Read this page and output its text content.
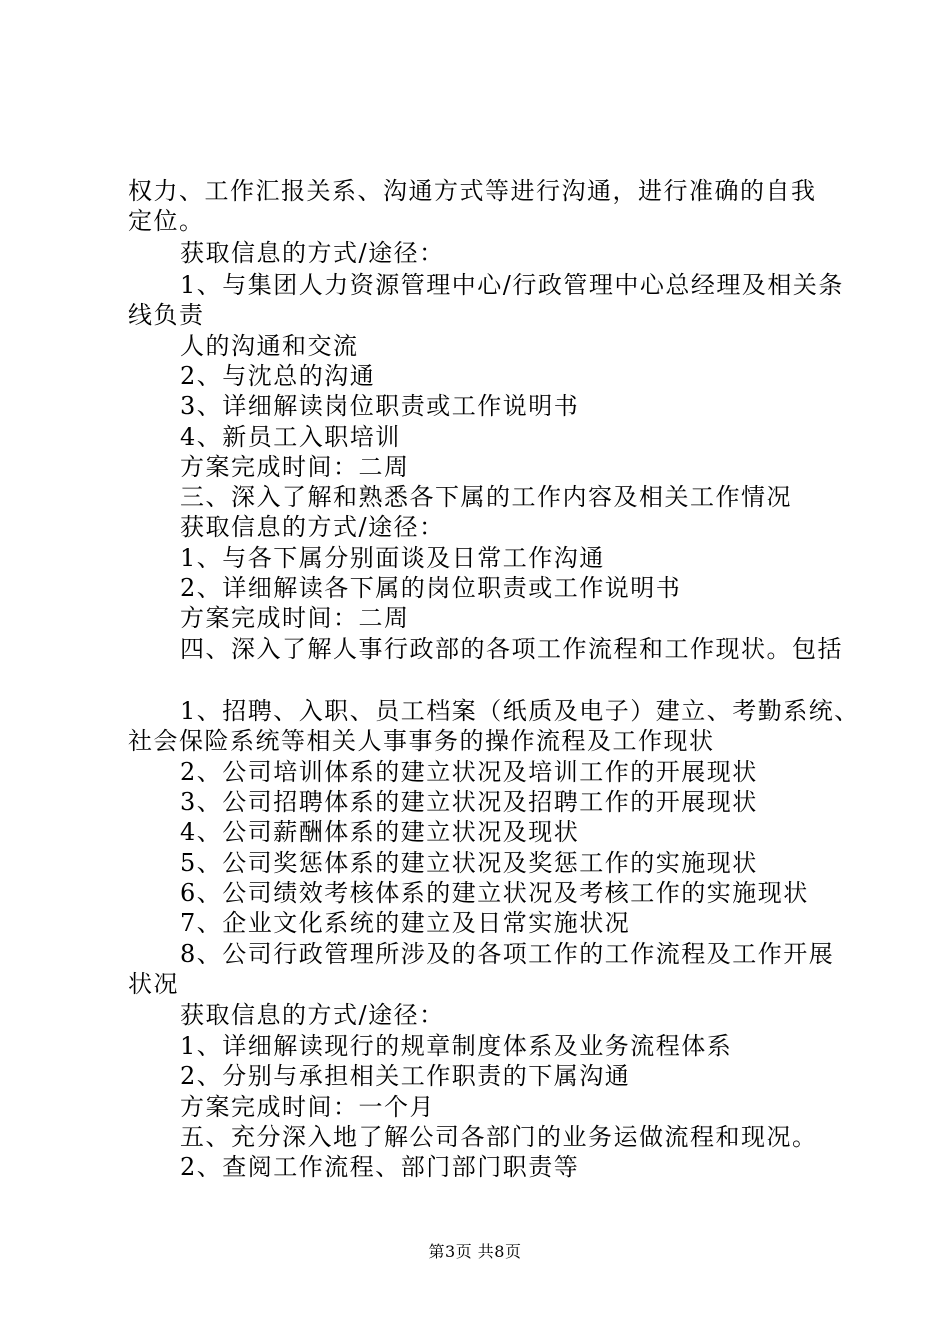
权力、工作汇报关系、沟通方式等进行沟通，进行准确的自我
定位。
获取信息的方式/途径：
1、与集团人力资源管理中心/行政管理中心总经理及相关条
线负责
人的沟通和交流
2、与沈总的沟通
3、详细解读岗位职责或工作说明书
4、新员工入职培训
方案完成时间：二周
三、深入了解和熟悉各下属的工作内容及相关工作情况
获取信息的方式/途径：
1、与各下属分别面谈及日常工作沟通
2、详细解读各下属的岗位职责或工作说明书
方案完成时间：二周
四、深入了解人事行政部的各项工作流程和工作现状。包括
1、招聘、入职、员工档案（纸质及电子）建立、考勤系统、
社会保险系统等相关人事事务的操作流程及工作现状
2、公司培训体系的建立状况及培训工作的开展现状
3、公司招聘体系的建立状况及招聘工作的开展现状
4、公司薪酬体系的建立状况及现状
5、公司奖惩体系的建立状况及奖惩工作的实施现状
6、公司绩效考核体系的建立状况及考核工作的实施现状
7、企业文化系统的建立及日常实施状况
8、公司行政管理所涉及的各项工作的工作流程及工作开展
状况
获取信息的方式/途径：
1、详细解读现行的规章制度体系及业务流程体系
2、分别与承担相关工作职责的下属沟通
方案完成时间：一个月
五、充分深入地了解公司各部门的业务运做流程和现况。
2、查阅工作流程、部门部门职责等
第3页 共8页
